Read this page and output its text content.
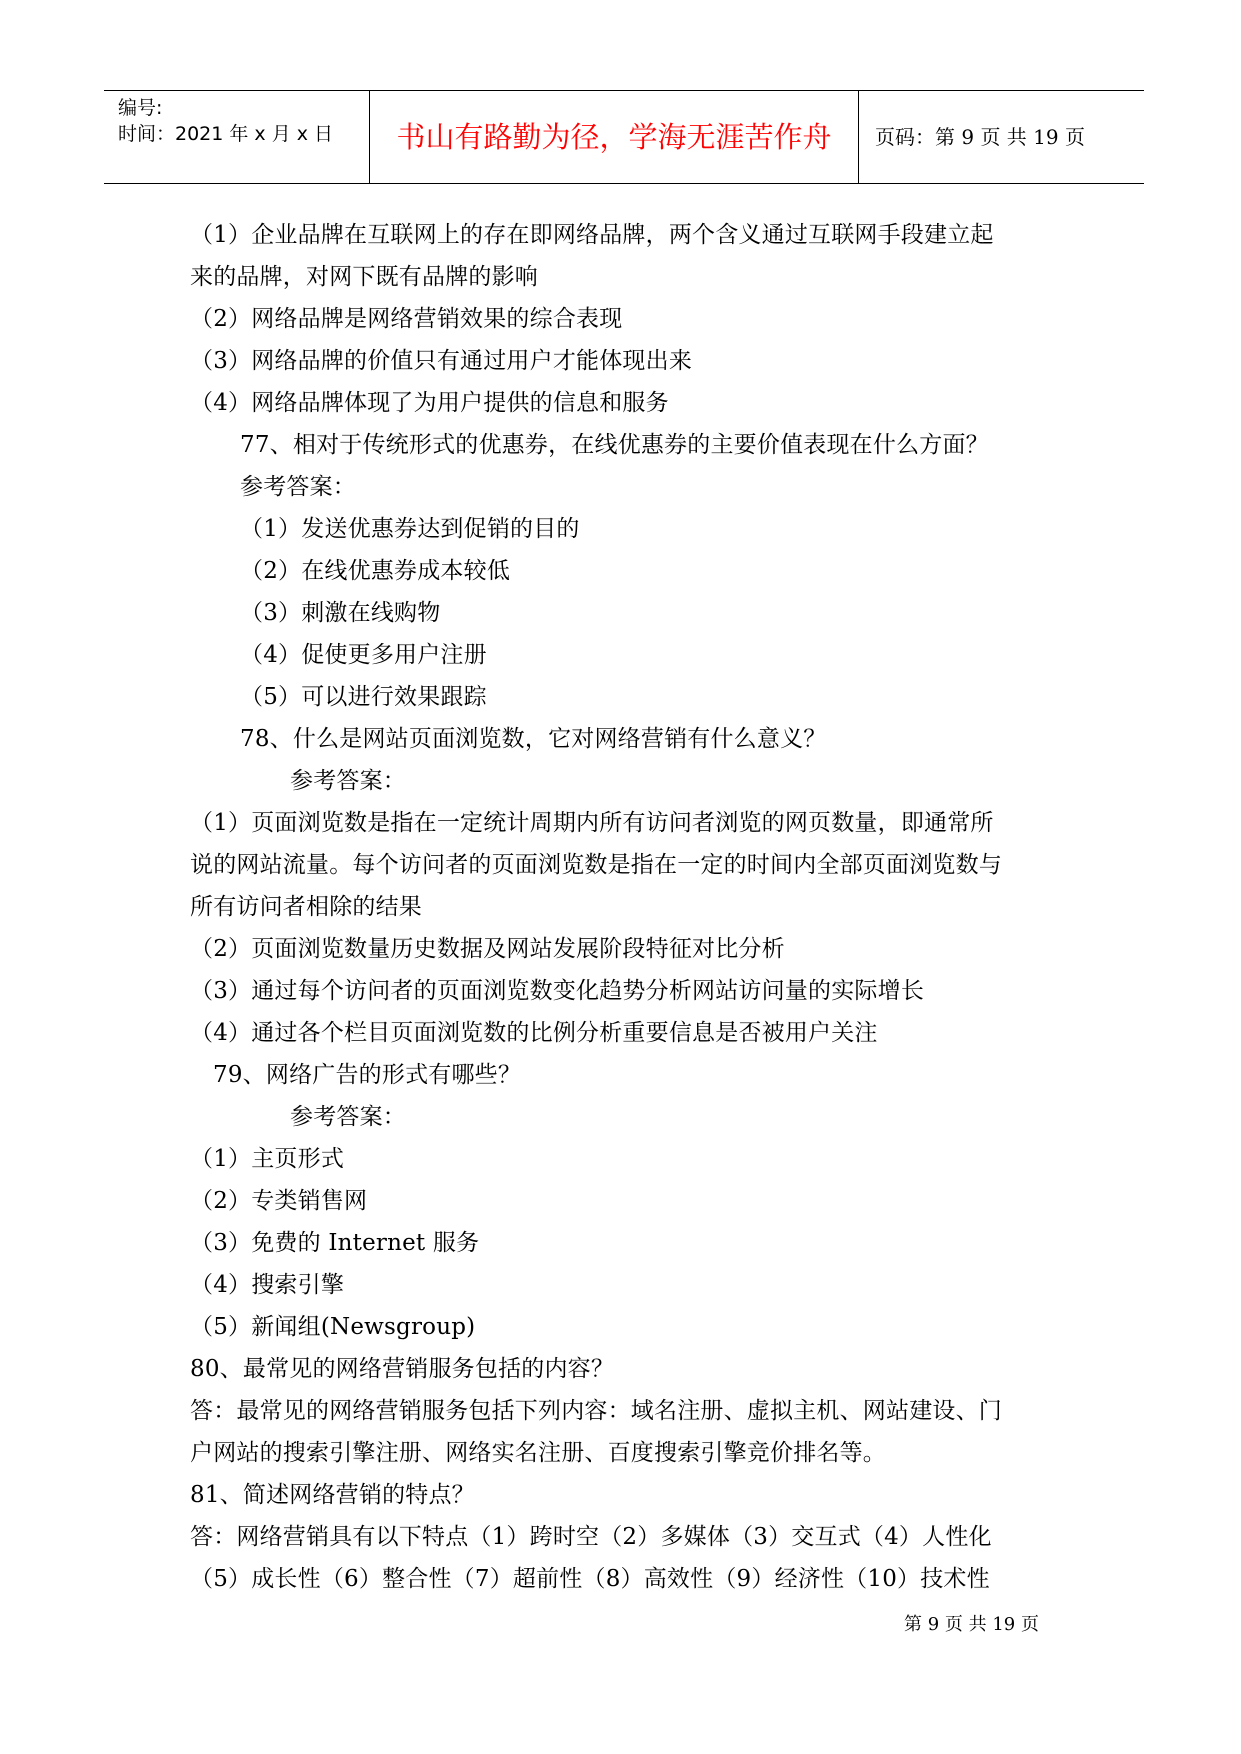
编号:
时间：2021 年 x 月 x 日	书山有路勤为径，学海无涯苦作舟	页码：第 9 页 共 19 页
（1）企业品牌在互联网上的存在即网络品牌，两个含义通过互联网手段建立起
来的品牌，对网下既有品牌的影响
（2）网络品牌是网络营销效果的综合表现
（3）网络品牌的价值只有通过用户才能体现出来
（4）网络品牌体现了为用户提供的信息和服务
77、相对于传统形式的优惠券，在线优惠券的主要价值表现在什么方面？
参考答案：
（1）发送优惠券达到促销的目的
（2）在线优惠券成本较低
（3）刺激在线购物
（4）促使更多用户注册
（5）可以进行效果跟踪
78、什么是网站页面浏览数，它对网络营销有什么意义？
参考答案：
（1）页面浏览数是指在一定统计周期内所有访问者浏览的网页数量，即通常所
说的网站流量。每个访问者的页面浏览数是指在一定的时间内全部页面浏览数与
所有访问者相除的结果
（2）页面浏览数量历史数据及网站发展阶段特征对比分析
（3）通过每个访问者的页面浏览数变化趋势分析网站访问量的实际增长
（4）通过各个栏目页面浏览数的比例分析重要信息是否被用户关注
79、网络广告的形式有哪些？
参考答案：
（1）主页形式
（2）专类销售网
（3）免费的 Internet 服务
（4）搜索引擎
（5）新闻组(Newsgroup)
80、最常见的网络营销服务包括的内容？
答：最常见的网络营销服务包括下列内容：域名注册、虚拟主机、网站建设、门
户网站的搜索引擎注册、网络实名注册、百度搜索引擎竞价排名等。
81、简述网络营销的特点？
答：网络营销具有以下特点（1）跨时空（2）多媒体（3）交互式（4）人性化
（5）成长性（6）整合性（7）超前性（8）高效性（9）经济性（10）技术性
第 9 页 共 19 页
